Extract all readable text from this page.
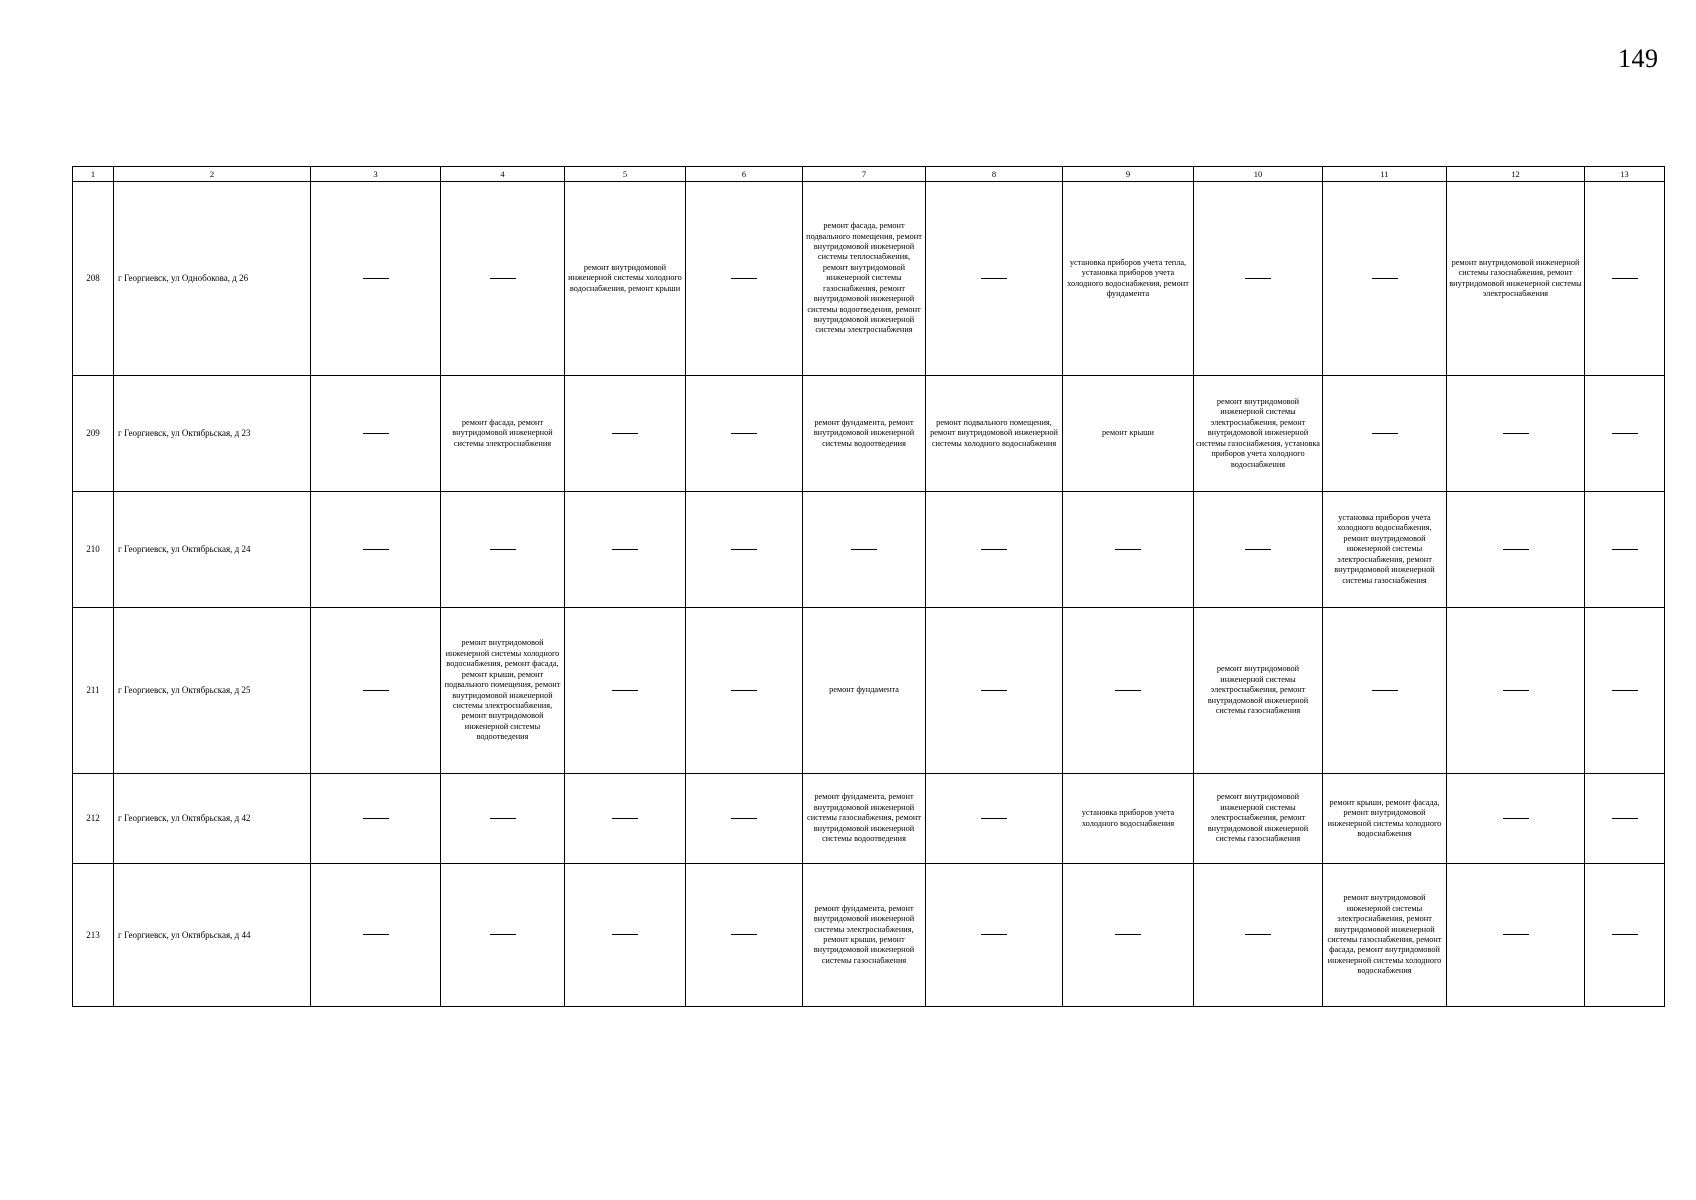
149
1	2	3	4	5	6	7	8	9	10	11	12	13
208	г Георгиевск, ул Однобокова, д 26			ремонт внутридомовой инженерной системы холодного водоснабжения, ремонт крыши		ремонт фасада, ремонт подвального помещения, ремонт внутридомовой инженерной системы теплоснабжения, ремонт внутридомовой инженерной системы газоснабжения, ремонт внутридомовой инженерной системы водоотведения, ремонт внутридомовой инженерной системы электроснабжения		установка приборов учета тепла, установка приборов учета холодного водоснабжения, ремонт фундамента			ремонт внутридомовой инженерной системы газоснабжения, ремонт внутридомовой инженерной системы электроснабжения	

209	г Георгиевск, ул Октябрьская, д 23		ремонт фасада, ремонт внутридомовой инженерной системы электроснабжения			ремонт фундамента, ремонт внутридомовой инженерной системы водоотведения	ремонт подвального помещения, ремонт внутридомовой инженерной системы холодного водоснабжения	ремонт крыши	ремонт внутридомовой инженерной системы электроснабжения, ремонт внутридомовой инженерной системы газоснабжения, установка приборов учета холодного водоснабжения			

210	г Георгиевск, ул Октябрьская, д 24									установка приборов учета холодного водоснабжения, ремонт внутридомовой инженерной системы электроснабжения, ремонт внутридомовой инженерной системы газоснабжения		

211	г Георгиевск, ул Октябрьская, д 25		ремонт внутридомовой инженерной системы холодного водоснабжения, ремонт фасада, ремонт крыши, ремонт подвального помещения, ремонт внутридомовой инженерной системы электроснабжения, ремонт внутридомовой инженерной системы водоотведения			ремонт фундамента			ремонт внутридомовой инженерной системы электроснабжения, ремонт внутридомовой инженерной системы газоснабжения			

212	г Георгиевск, ул Октябрьская, д 42					ремонт фундамента, ремонт внутридомовой инженерной системы газоснабжения, ремонт внутридомовой инженерной системы водоотведения		установка приборов учета холодного водоснабжения	ремонт внутридомовой инженерной системы электроснабжения, ремонт внутридомовой инженерной системы газоснабжения	ремонт крыши, ремонт фасада, ремонт внутридомовой инженерной системы холодного водоснабжения		

213	г Георгиевск, ул Октябрьская, д 44					ремонт фундамента, ремонт внутридомовой инженерной системы электроснабжения, ремонт крыши, ремонт внутридомовой инженерной системы газоснабжения				ремонт внутридомовой инженерной системы электроснабжения, ремонт внутридомовой инженерной системы газоснабжения, ремонт фасада, ремонт внутридомовой инженерной системы холодного водоснабжения		
